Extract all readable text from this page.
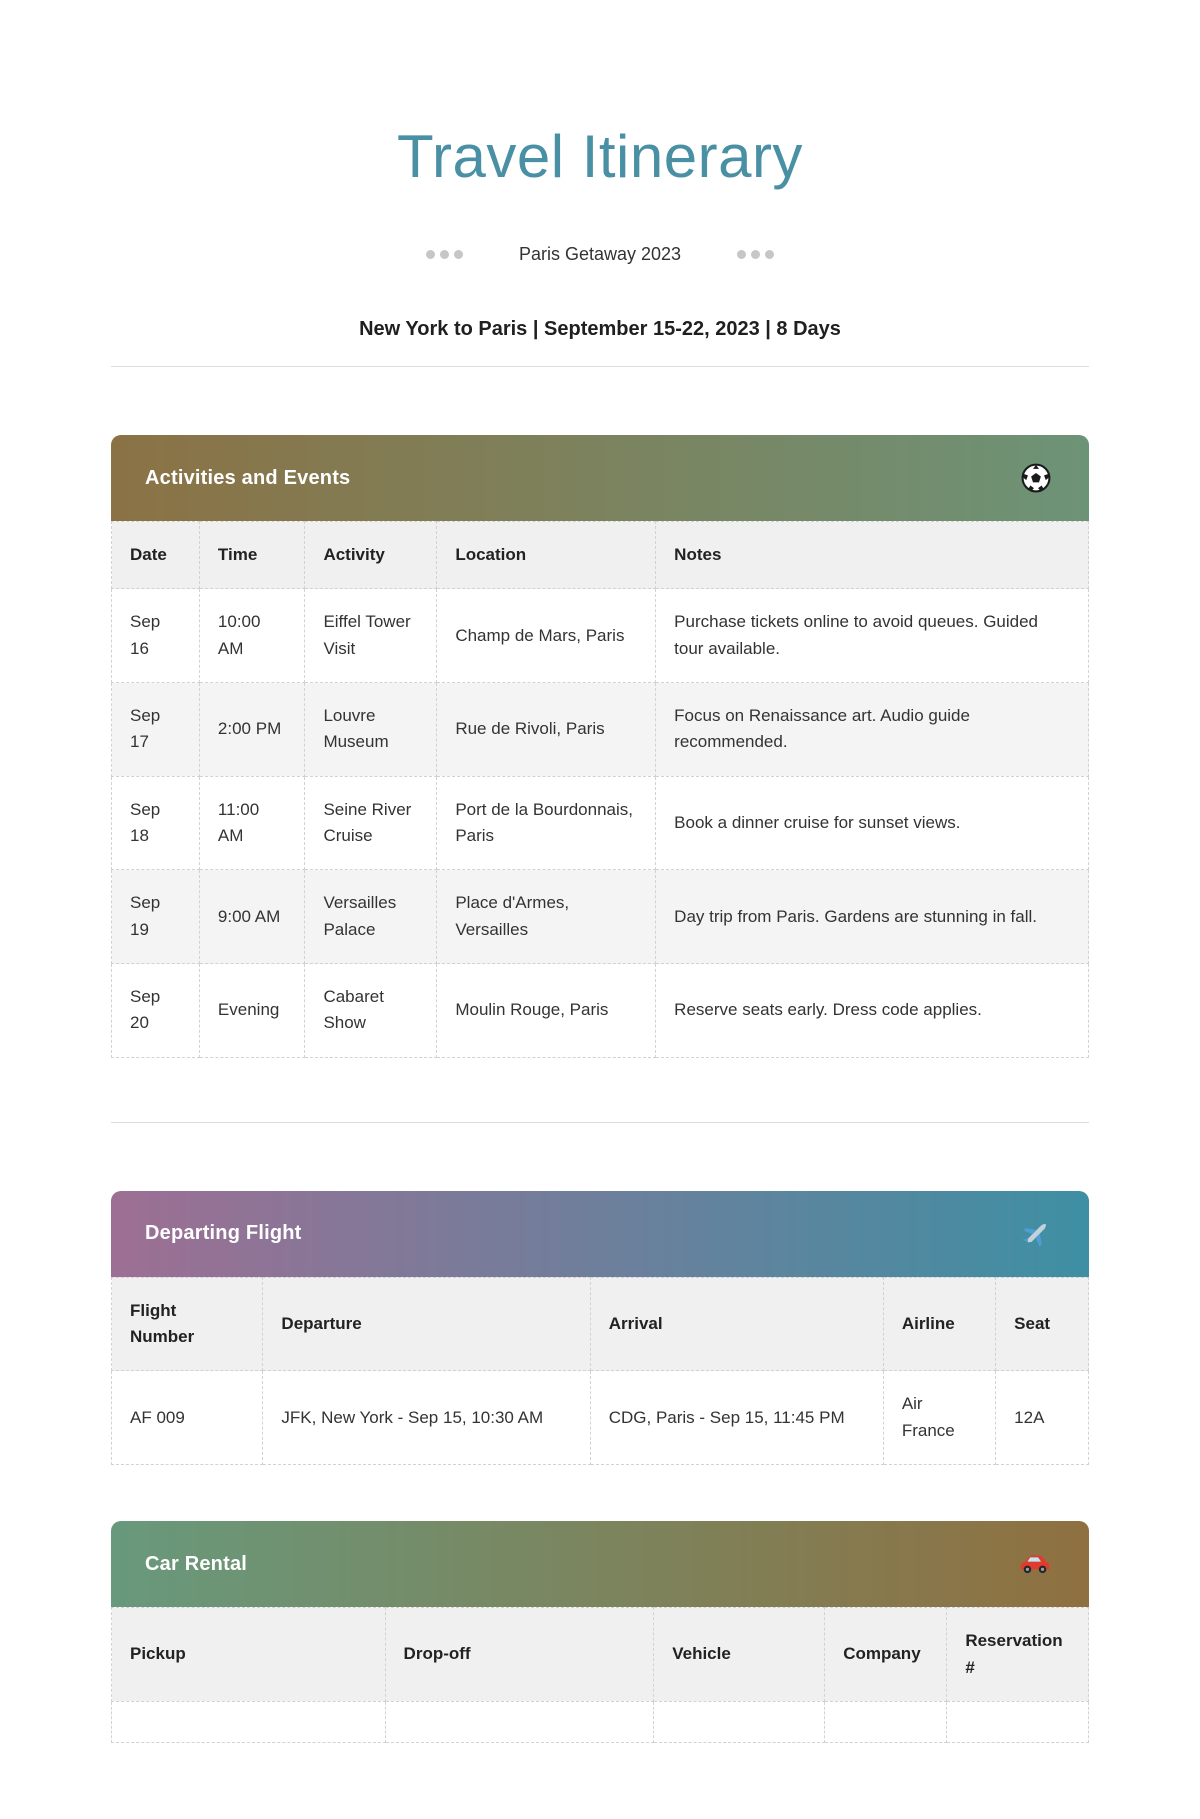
Travel Itinerary
Paris Getaway 2023
New York to Paris | September 15-22, 2023 | 8 Days
Activities and Events
Date	Time	Activity	Location	Notes
Sep 16	10:00 AM	Eiffel Tower Visit	Champ de Mars, Paris	Purchase tickets online to avoid queues. Guided tour available.
Sep 17	2:00 PM	Louvre Museum	Rue de Rivoli, Paris	Focus on Renaissance art. Audio guide recommended.
Sep 18	11:00 AM	Seine River Cruise	Port de la Bourdonnais, Paris	Book a dinner cruise for sunset views.
Sep 19	9:00 AM	Versailles Palace	Place d'Armes, Versailles	Day trip from Paris. Gardens are stunning in fall.
Sep 20	Evening	Cabaret Show	Moulin Rouge, Paris	Reserve seats early. Dress code applies.
Departing Flight
Flight Number	Departure	Arrival	Airline	Seat
AF 009	JFK, New York - Sep 15, 10:30 AM	CDG, Paris - Sep 15, 11:45 PM	Air France	12A
Car Rental
Pickup	Drop-off	Vehicle	Company	Reservation #
